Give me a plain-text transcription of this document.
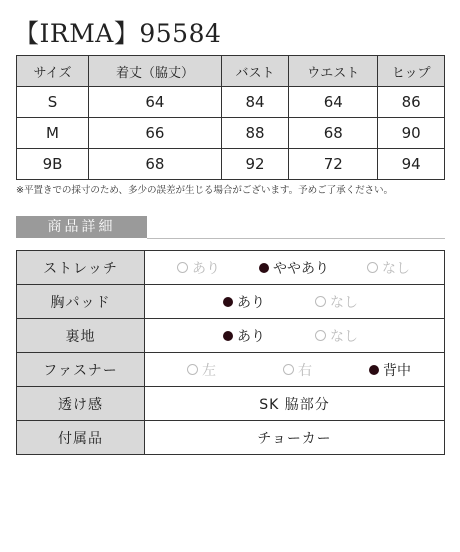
【IRMA】95584
サイズ	着丈（脇丈）	バスト	ウエスト	ヒップ
S	64	84	64	86
M	66	88	68	90
9B	68	92	72	94
※平置きでの採寸のため、多少の誤差が生じる場合がございます。予めご了承ください。
商品詳細
ストレッチ	あり ややあり なし

胸パッド	あり なし

裏地	あり なし

ファスナー	左 右 背中

透け感	SK 脇部分
付属品	チョーカー
